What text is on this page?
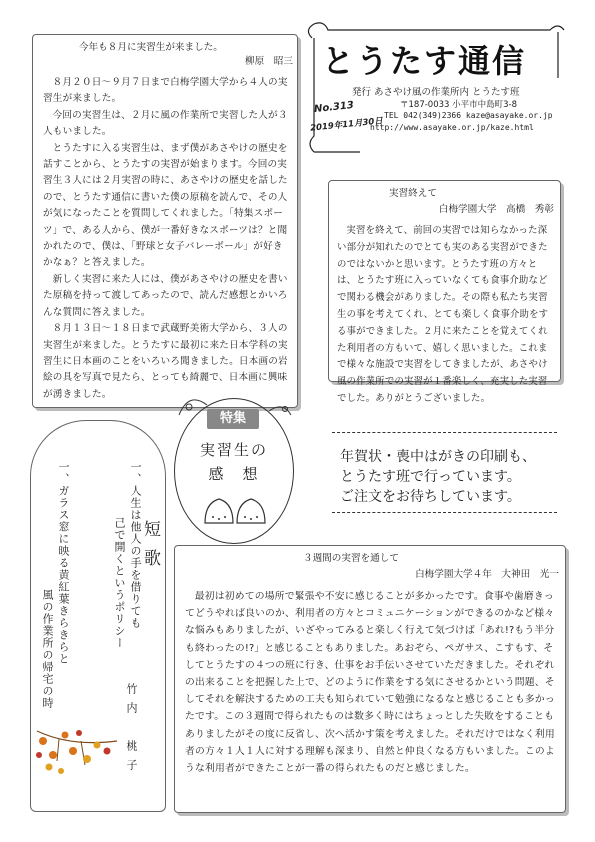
今年も８月に実習生が来ました。
柳原　昭三

８月２０日～９月７日まで白梅学園大学から４人の実習生が来ました。

今回の実習生は、２月に風の作業所で実習した人が３人もいました。

とうたすに入る実習生は、まず僕があさやけの歴史を話すことから、とうたすの実習が始まります。今回の実習生３人には２月実習の時に、あさやけの歴史を話したので、とうたす通信に書いた僕の原稿を読んで、その人が気になったことを質問してくれました。「特集スポーツ」で、ある人から、僕が一番好きなスポーツは？と聞かれたので、僕は、「野球と女子バレーボール」が好きかなぁ？と答えました。

新しく実習に来た人には、僕があさやけの歴史を書いた原稿を持って渡してあったので、読んだ感想とかいろんな質問に答えました。

８月１３日～１８日まで武蔵野美術大学から、３人の実習生が来ました。とうたすに最初に来た日本学科の実習生に日本画のことをいろいろ聞きました。日本画の岩絵の具を写真で見たら、とっても綺麗で、日本画に興味が湧きました。

とうたす通信
発行 あさやけ風の作業所内 とうたす班
〒187-0033 小平市中島町3-8
No.313
TEL 042(349)2366 kaze@asayake.or.jp
2019年11月30日
http://www.asayake.or.jp/kaze.html
実習終えて
白梅学園大学　高橋　秀彰

実習を終えて、前回の実習では知らなかった深い部分が知れたのでとても実のある実習ができたのではないかと思います。とうたす班の方々とは、とうたす班に入っていなくても食事介助などで関わる機会がありました。その際も私たち実習生の事を考えてくれ、とても楽しく食事介助をする事ができました。２月に来たことを覚えてくれた利用者の方もいて、嬉しく思いました。これまで様々な施設で実習をしてきましたが、あさやけ風の作業所での実習が１番楽しく、充実した実習でした。ありがとうございました。

特集
実習生の
感　想
年賀状・喪中はがきの印刷も、
とうたす班で行っています。
ご注文をお待ちしています。
一、人生は他人の手を借りても
己で開くというポリシー
一、ガラス窓に映る黄紅葉きらきらと
風の作業所の帰宅の時
竹内　桃子
短歌	３週間の実習を通して
白梅学園大学４年　大神田　光一

最初は初めての場所で緊張や不安に感じることが多かったです。食事や歯磨きってどうやれば良いのか、利用者の方々とコミュニケーションができるのかなど様々な悩みもありましたが、いざやってみると楽しく行えて気づけば「あれ!?もう半分も終わったの!?」と感じることもありました。あおぞら、ペガサス、こすもす、そしてとうたすの４つの班に行き、仕事をお手伝いさせていただきました。それぞれの出来ることを把握した上で、どのように作業をする気にさせるかという問題、そしてそれを解決するための工夫も知られていて勉強になるなと感じることも多かったです。この３週間で得られたものは数多く時にはちょっとした失敗をすることもありましたがその度に反省し、次へ活かす策を考えました。それだけではなく利用者の方々１人１人に対する理解も深まり、自然と仲良くなる方もいました。このような利用者ができたことが一番の得られたものだと感じました。
